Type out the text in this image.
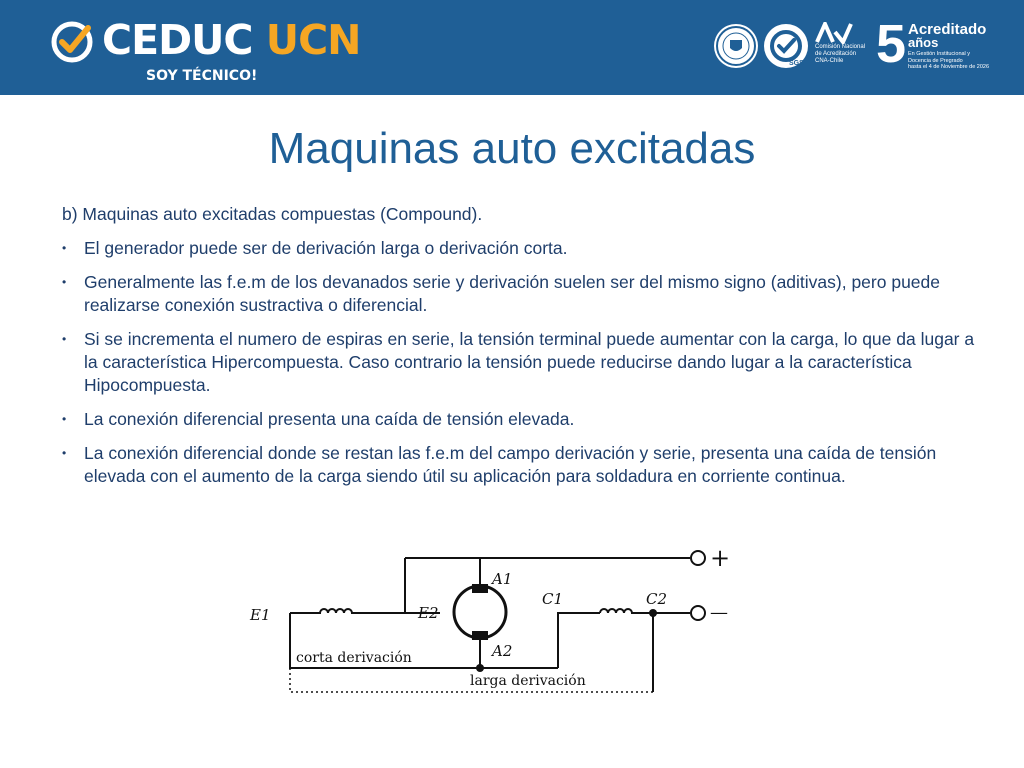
CEDUC UCN
SOY TÉCNICO!
SGS
Comisión Nacional
de Acreditación
CNA-Chile 5 Acreditado
años
En Gestión Institucional y
Docencia de Pregrado
hasta el 4 de Noviembre de 2026
Maquinas auto excitadas

b) Maquinas auto excitadas compuestas (Compound).

• El generador puede ser de derivación larga o derivación corta.
• Generalmente las f.e.m de los devanados serie y derivación suelen ser del mismo signo (aditivas), pero puede realizarse conexión sustractiva o diferencial.
• Si se incrementa el numero de espiras en serie, la tensión terminal puede aumentar con la carga, lo que da lugar a la característica Hipercompuesta. Caso contrario la tensión puede reducirse dando lugar a la característica Hipocompuesta.
• La conexión diferencial presenta una caída de tensión elevada.
• La conexión diferencial donde se restan las f.e.m del campo derivación y serie, presenta una caída de tensión elevada con el aumento de la carga siendo útil su aplicación para soldadura en corriente continua.
+
—
E1	E2
A1
A2
C1	C2
corta derivación
larga derivación
